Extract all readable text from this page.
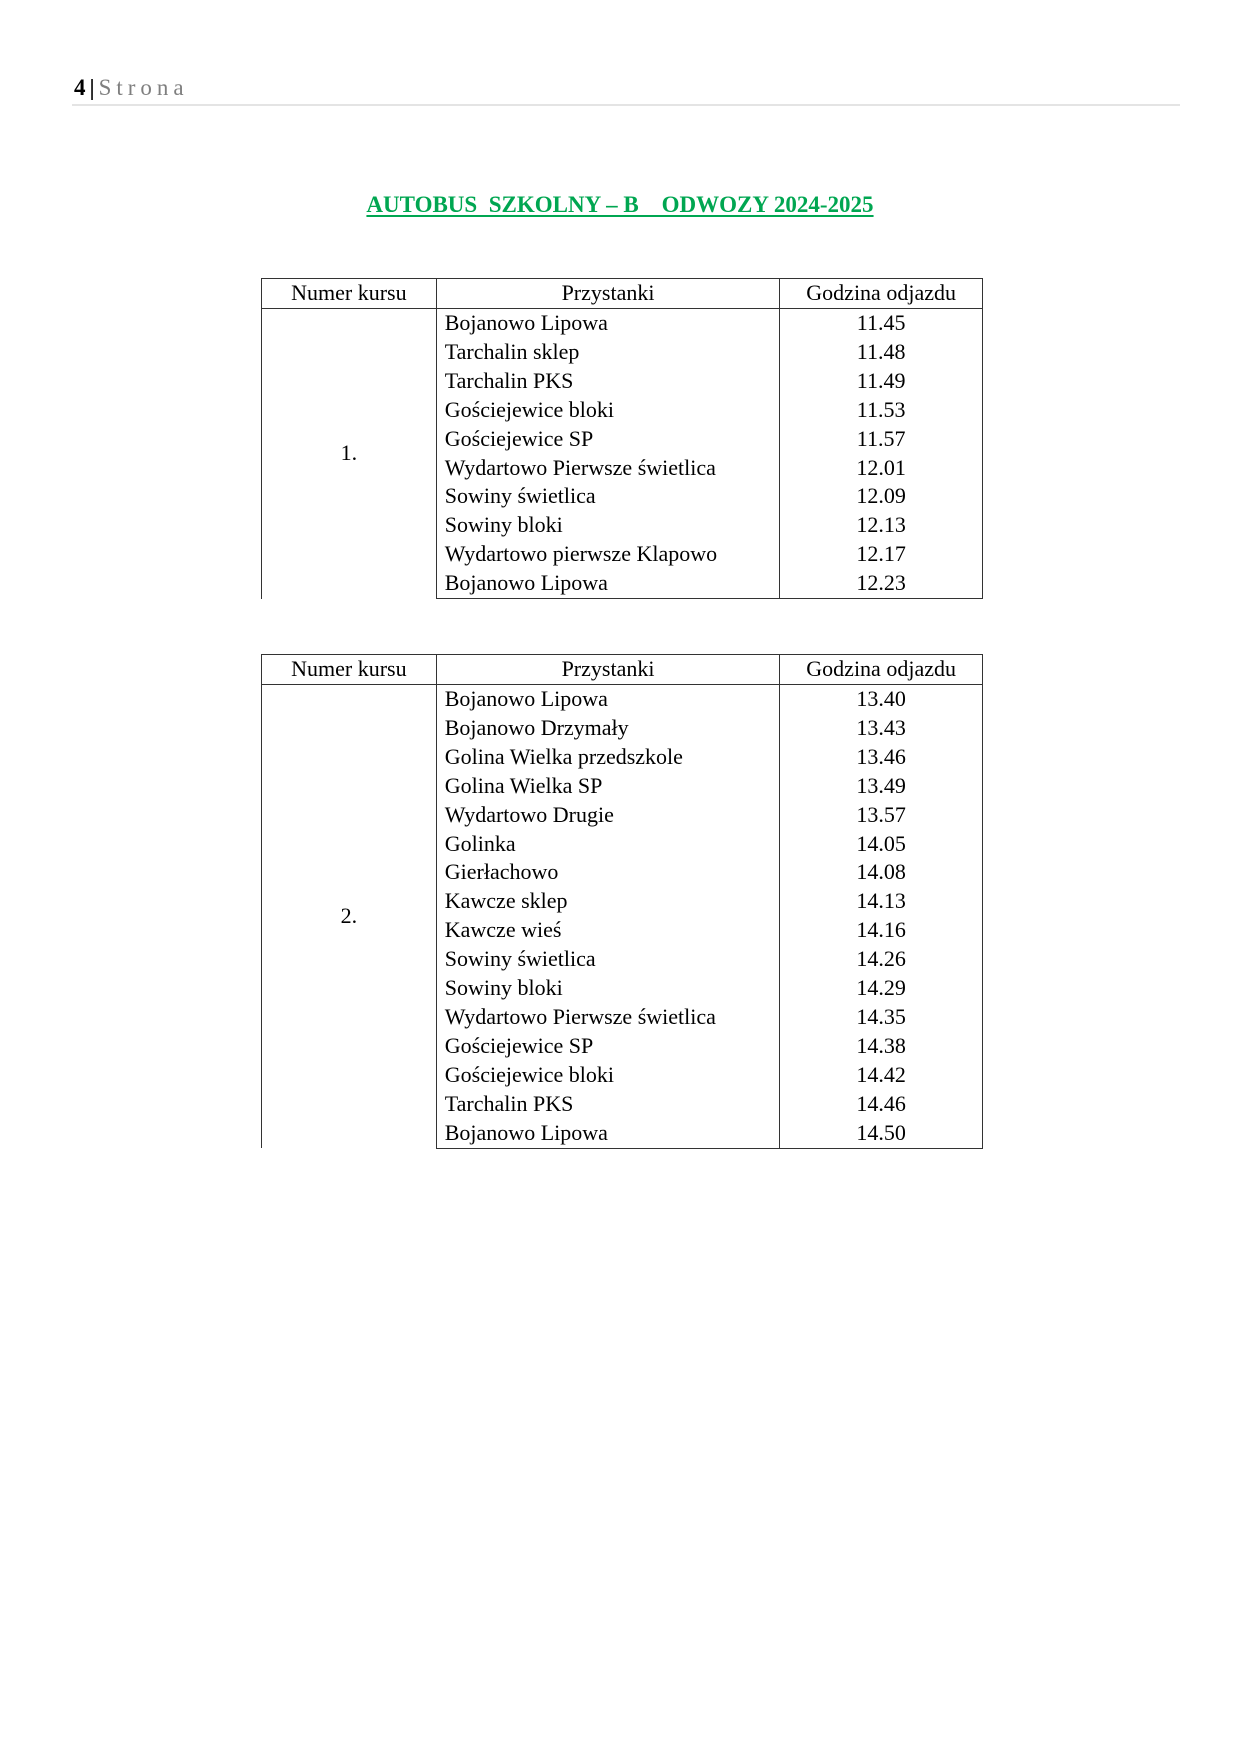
4 | Strona
AUTOBUS  SZKOLNY – B    ODWOZY 2024-2025
Numer kursu	Przystanki	Godzina odjazdu
1.	Bojanowo Lipowa	11.45
	Tarchalin sklep	11.48
	Tarchalin PKS	11.49
	Gościejewice bloki	11.53
	Gościejewice SP	11.57
	Wydartowo Pierwsze świetlica	12.01
	Sowiny świetlica	12.09
	Sowiny bloki	12.13
	Wydartowo pierwsze Klapowo	12.17
	Bojanowo Lipowa	12.23
Numer kursu	Przystanki	Godzina odjazdu
2.	Bojanowo Lipowa	13.40
	Bojanowo Drzymały	13.43
	Golina Wielka przedszkole	13.46
	Golina Wielka SP	13.49
	Wydartowo Drugie	13.57
	Golinka	14.05
	Gierłachowo	14.08
	Kawcze sklep	14.13
	Kawcze wieś	14.16
	Sowiny świetlica	14.26
	Sowiny bloki	14.29
	Wydartowo Pierwsze świetlica	14.35
	Gościejewice SP	14.38
	Gościejewice bloki	14.42
	Tarchalin PKS	14.46
	Bojanowo Lipowa	14.50
